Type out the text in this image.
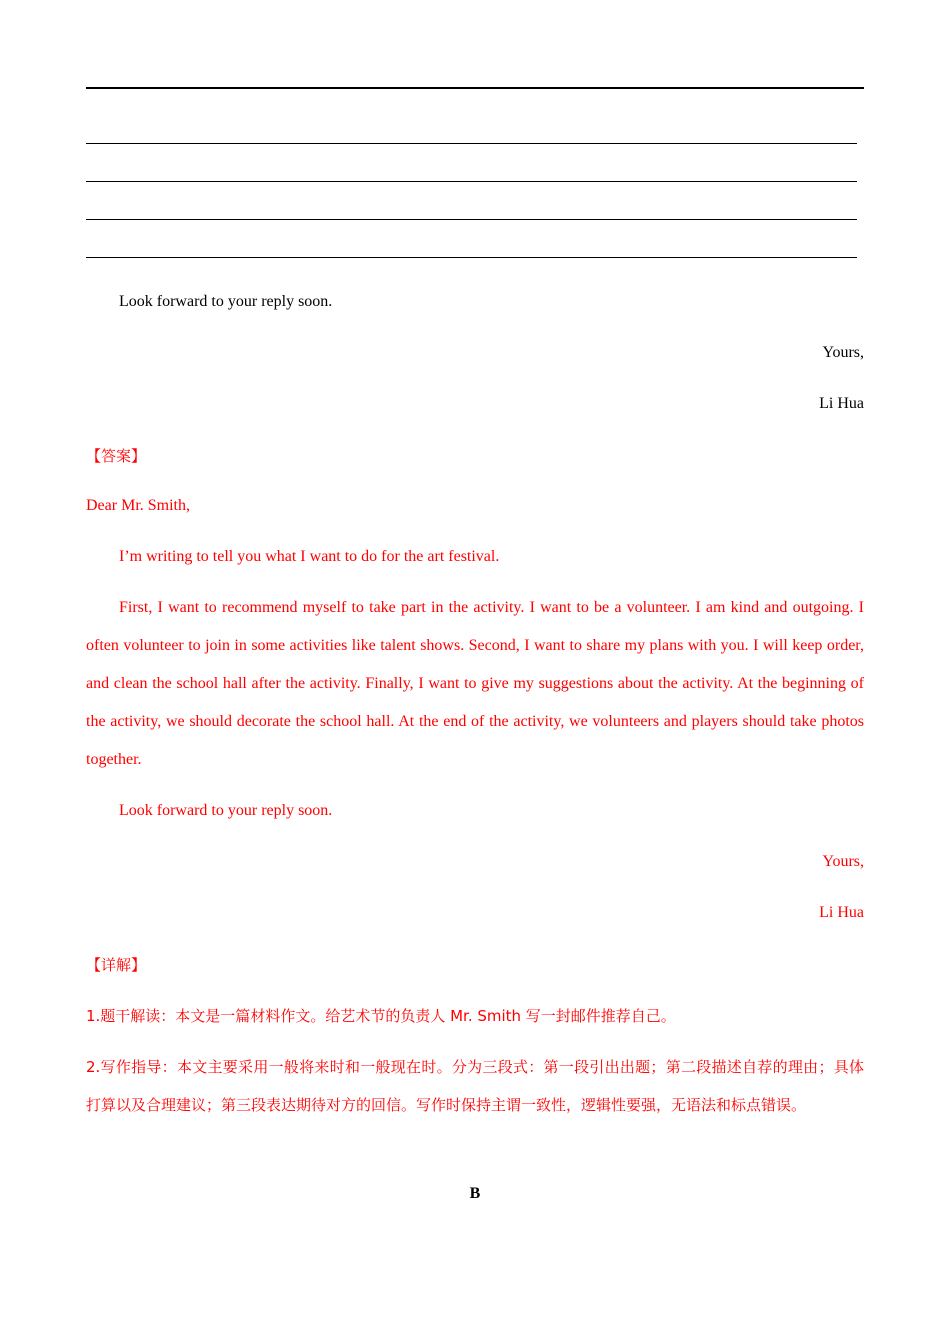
Look forward to your reply soon.
Yours,
Li Hua
【答案】
Dear Mr. Smith,
I’m writing to tell you what I want to do for the art festival.
First, I want to recommend myself to take part in the activity. I want to be a volunteer. I am kind and outgoing. I often volunteer to join in some activities like talent shows. Second, I want to share my plans with you. I will keep order, and clean the school hall after the activity. Finally, I want to give my suggestions about the activity. At the beginning of the activity, we should decorate the school hall. At the end of the activity, we volunteers and players should take photos together.
Look forward to your reply soon.
Yours,
Li Hua
【详解】
1.题干解读：本文是一篇材料作文。给艺术节的负责人 Mr. Smith 写一封邮件推荐自己。
2.写作指导：本文主要采用一般将来时和一般现在时。分为三段式：第一段引出出题；第二段描述自荐的理由；具体打算以及合理建议；第三段表达期待对方的回信。写作时保持主谓一致性，逻辑性要强，无语法和标点错误。
B
